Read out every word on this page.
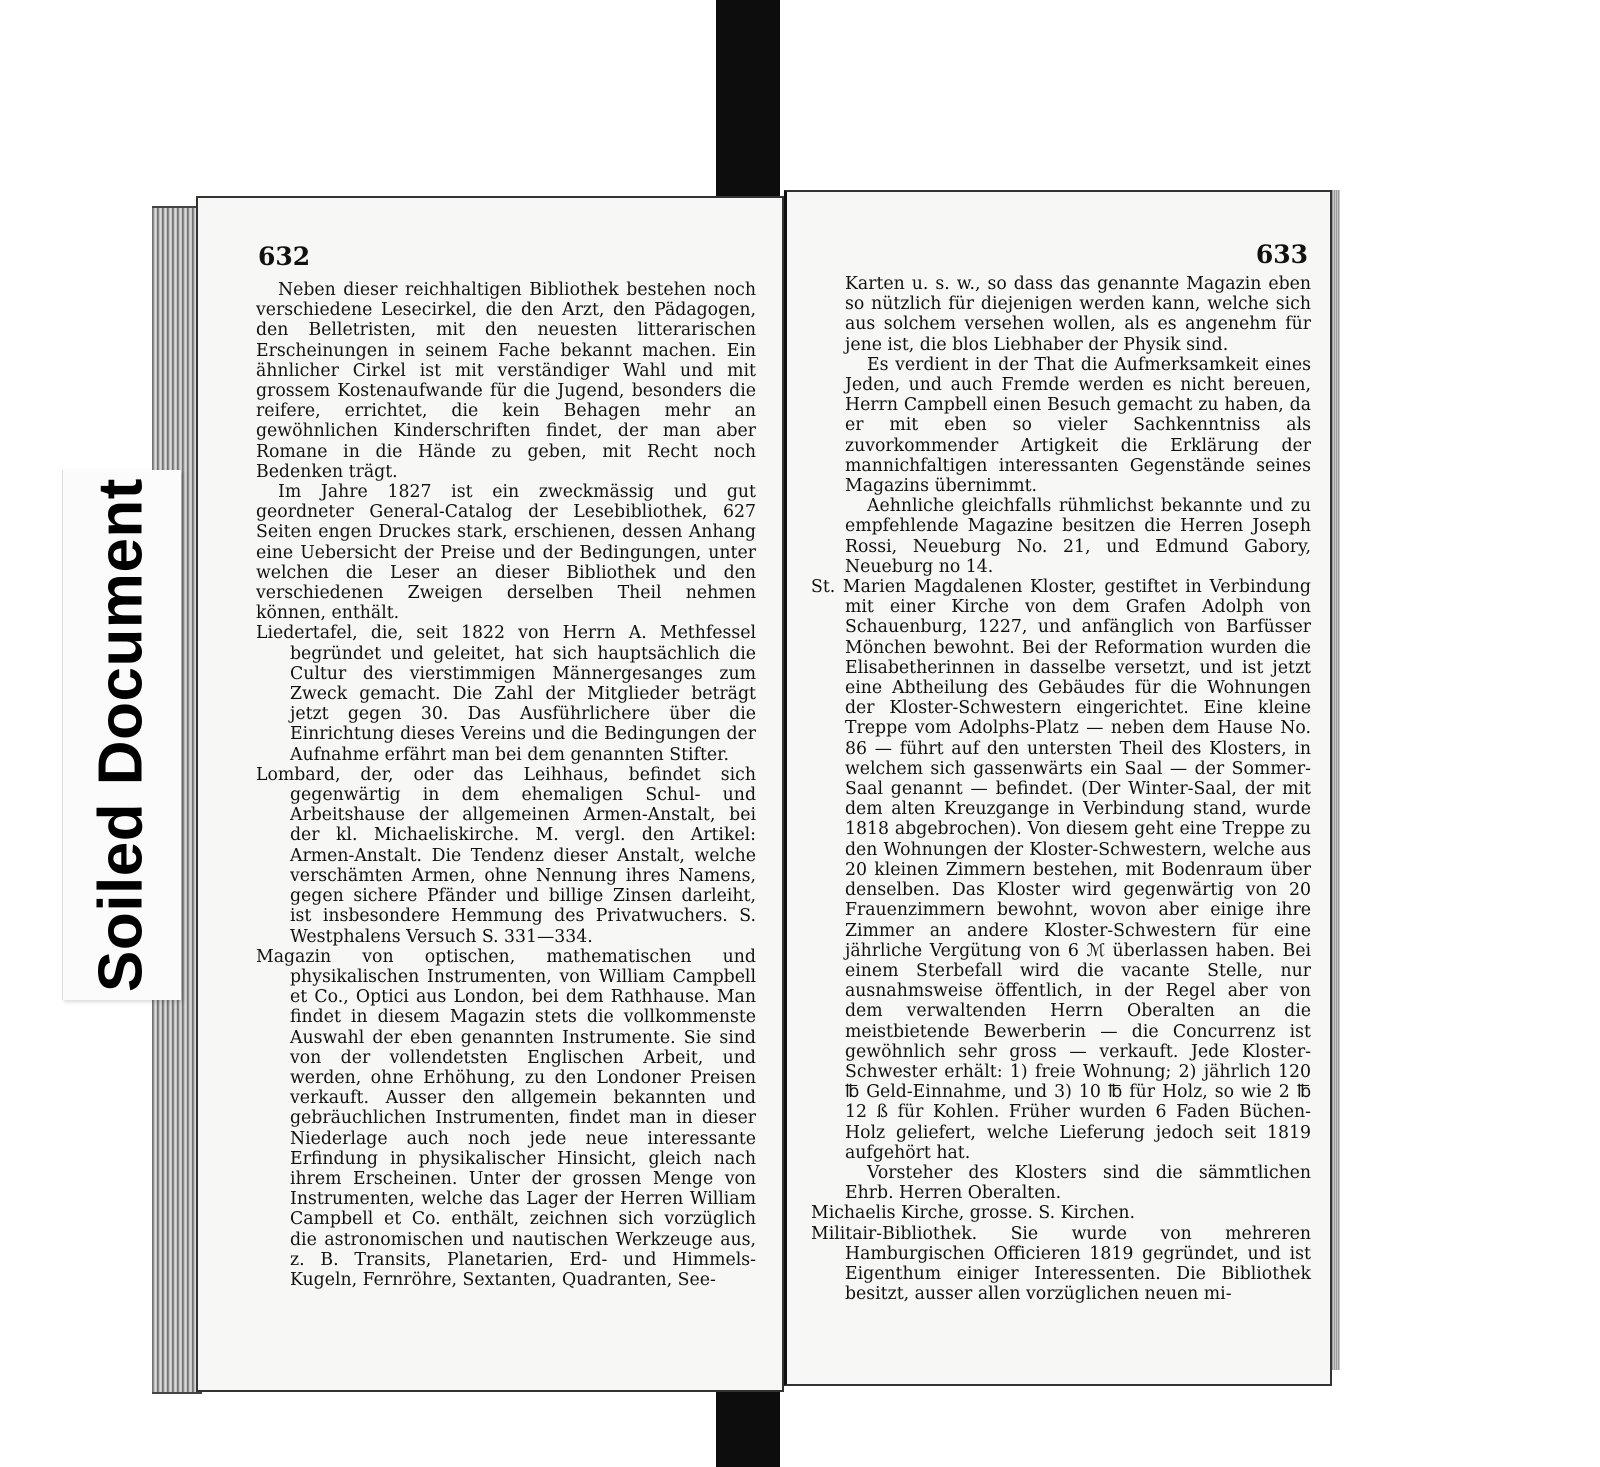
632

Neben dieser reichhaltigen Bibliothek bestehen noch verschiedene Lesecirkel, die den Arzt, den Pädagogen, den Belletristen, mit den neuesten litterarischen Erscheinungen in seinem Fache bekannt machen. Ein ähnlicher Cirkel ist mit verständiger Wahl und mit grossem Kostenaufwande für die Jugend, besonders die reifere, errichtet, die kein Behagen mehr an gewöhnlichen Kinderschriften findet, der man aber Romane in die Hände zu geben, mit Recht noch Bedenken trägt.

Im Jahre 1827 ist ein zweckmässig und gut geordneter General-Catalog der Lesebibliothek, 627 Seiten engen Druckes stark, erschienen, dessen Anhang eine Uebersicht der Preise und der Bedingungen, unter welchen die Leser an dieser Bibliothek und den verschiedenen Zweigen derselben Theil nehmen können, enthält.

Liedertafel, die, seit 1822 von Herrn A. Methfessel begründet und geleitet, hat sich hauptsächlich die Cultur des vierstimmigen Männergesanges zum Zweck gemacht. Die Zahl der Mitglieder beträgt jetzt gegen 30. Das Ausführlichere über die Einrichtung dieses Vereins und die Bedingungen der Aufnahme erfährt man bei dem genannten Stifter.

Lombard, der, oder das Leihhaus, befindet sich gegenwärtig in dem ehemaligen Schul- und Arbeitshause der allgemeinen Armen-Anstalt, bei der kl. Michaeliskirche. M. vergl. den Artikel: Armen-Anstalt. Die Tendenz dieser Anstalt, welche verschämten Armen, ohne Nennung ihres Namens, gegen sichere Pfänder und billige Zinsen darleiht, ist insbesondere Hemmung des Privatwuchers. S. Westphalens Versuch S. 331—334.

Magazin von optischen, mathematischen und physikalischen Instrumenten, von William Campbell et Co., Optici aus London, bei dem Rathhause. Man findet in diesem Magazin stets die vollkommenste Auswahl der eben genannten Instrumente. Sie sind von der vollendetsten Englischen Arbeit, und werden, ohne Erhöhung, zu den Londoner Preisen verkauft. Ausser den allgemein bekannten und gebräuchlichen Instrumenten, findet man in dieser Niederlage auch noch jede neue interessante Erfindung in physikalischer Hinsicht, gleich nach ihrem Erscheinen. Unter der grossen Menge von Instrumenten, welche das Lager der Herren William Campbell et Co. enthält, zeichnen sich vorzüglich die astronomischen und nautischen Werkzeuge aus, z. B. Transits, Planetarien, Erd- und Himmels-Kugeln, Fernröhre, Sextanten, Quadranten, See-

633

Karten u. s. w., so dass das genannte Magazin eben so nützlich für diejenigen werden kann, welche sich aus solchem versehen wollen, als es angenehm für jene ist, die blos Liebhaber der Physik sind.

Es verdient in der That die Aufmerksamkeit eines Jeden, und auch Fremde werden es nicht bereuen, Herrn Campbell einen Besuch gemacht zu haben, da er mit eben so vieler Sachkenntniss als zuvorkommender Artigkeit die Erklärung der mannichfaltigen interessanten Gegenstände seines Magazins übernimmt.

Aehnliche gleichfalls rühmlichst bekannte und zu empfehlende Magazine besitzen die Herren Joseph Rossi, Neueburg No. 21, und Edmund Gabory, Neueburg no 14.

St. Marien Magdalenen Kloster, gestiftet in Verbindung mit einer Kirche von dem Grafen Adolph von Schauenburg, 1227, und anfänglich von Barfüsser Mönchen bewohnt. Bei der Reformation wurden die Elisabetherinnen in dasselbe versetzt, und ist jetzt eine Abtheilung des Gebäudes für die Wohnungen der Kloster-Schwestern eingerichtet. Eine kleine Treppe vom Adolphs-Platz — neben dem Hause No. 86 — führt auf den untersten Theil des Klosters, in welchem sich gassenwärts ein Saal — der Sommer-Saal genannt — befindet. (Der Winter-Saal, der mit dem alten Kreuzgange in Verbindung stand, wurde 1818 abgebrochen). Von diesem geht eine Treppe zu den Wohnungen der Kloster-Schwestern, welche aus 20 kleinen Zimmern bestehen, mit Bodenraum über denselben. Das Kloster wird gegenwärtig von 20 Frauenzimmern bewohnt, wovon aber einige ihre Zimmer an andere Kloster-Schwestern für eine jährliche Vergütung von 6 ℳ überlassen haben. Bei einem Sterbefall wird die vacante Stelle, nur ausnahmsweise öffentlich, in der Regel aber von dem verwaltenden Herrn Oberalten an die meistbietende Bewerberin — die Concurrenz ist gewöhnlich sehr gross — verkauft. Jede Kloster-Schwester erhält: 1) freie Wohnung; 2) jährlich 120 ℔ Geld-Einnahme, und 3) 10 ℔ für Holz, so wie 2 ℔ 12 ß für Kohlen. Früher wurden 6 Faden Büchen-Holz geliefert, welche Lieferung jedoch seit 1819 aufgehört hat.

Vorsteher des Klosters sind die sämmtlichen Ehrb. Herren Oberalten.

Michaelis Kirche, grosse. S. Kirchen.

Militair-Bibliothek. Sie wurde von mehreren Hamburgischen Officieren 1819 gegründet, und ist Eigenthum einiger Interessenten. Die Bibliothek besitzt, ausser allen vorzüglichen neuen mi-

Soiled Document
